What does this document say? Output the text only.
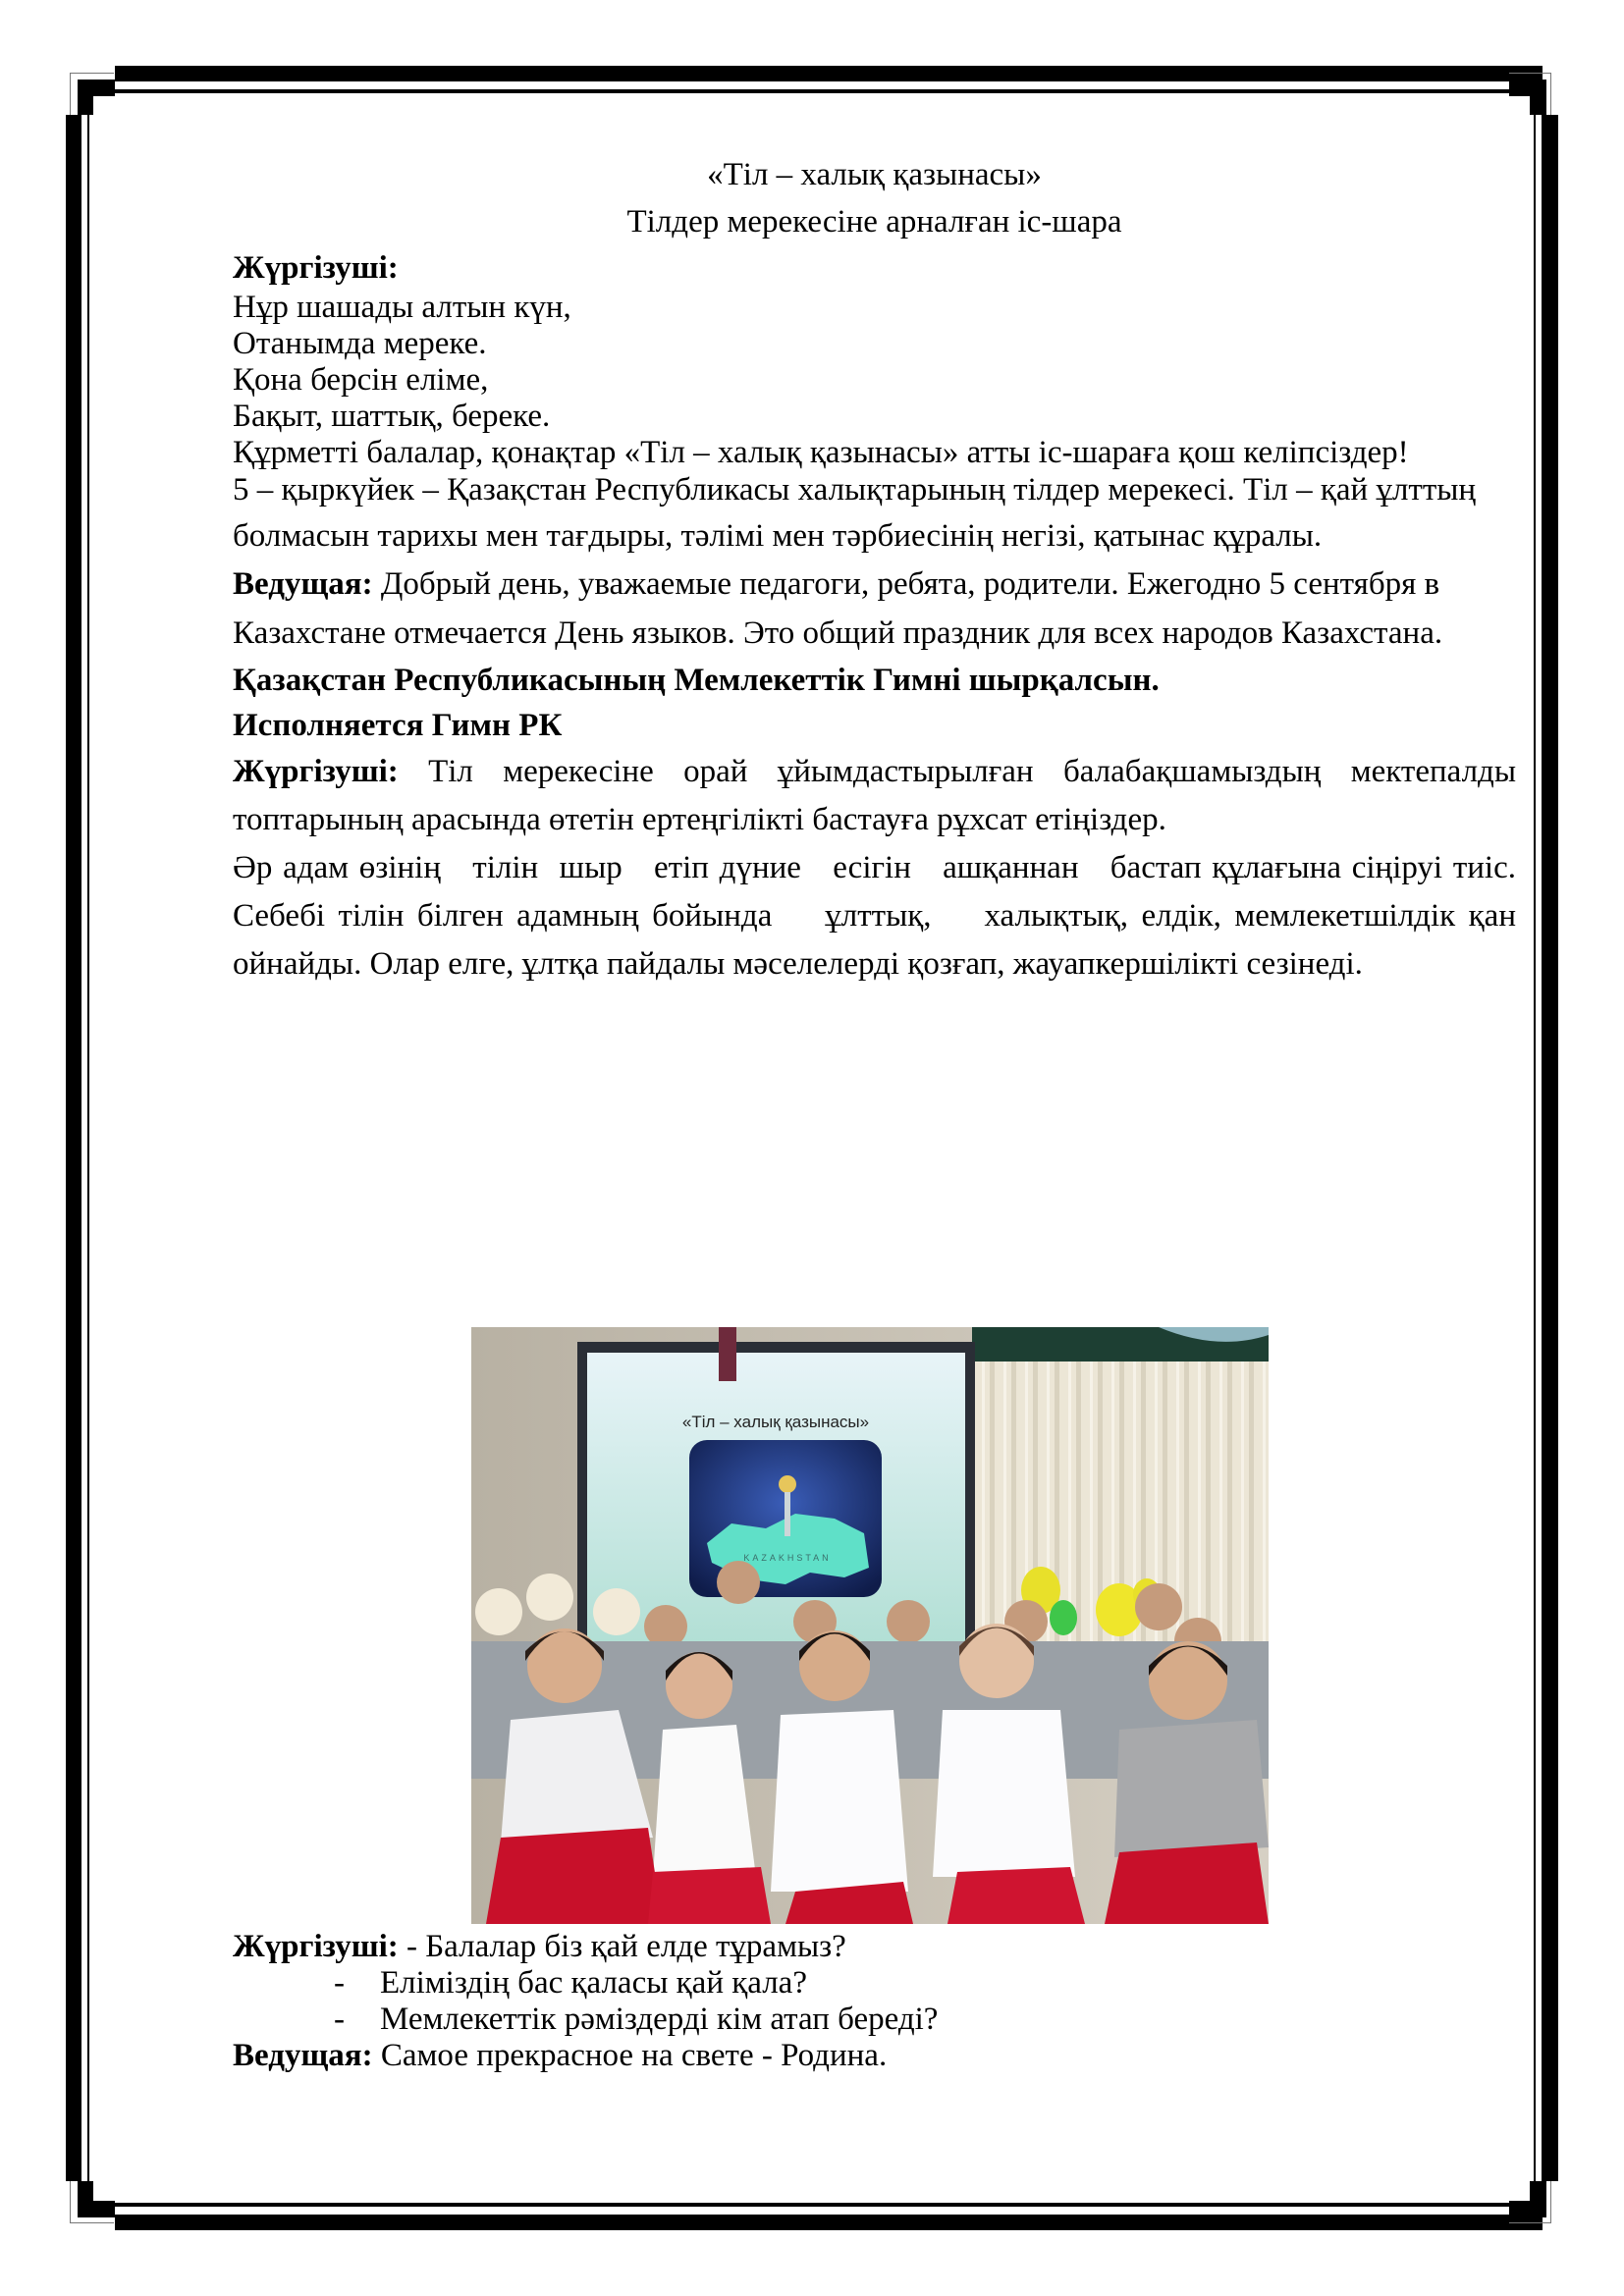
«Тіл – халық қазынасы»
Тілдер мерекесіне арналған іс-шара
Жүргізуші:
Нұр шашады алтын күн,
Отанымда мереке.
Қона берсін еліме,
Бақыт, шаттық, береке.
Құрметті балалар, қонақтар «Тіл – халық қазынасы» атты іс-шараға қош келіпсіздер!
5 – қыркүйек – Қазақстан Республикасы халықтарының тілдер мерекесі. Тіл – қай ұлттың болмасын тарихы мен тағдыры, тәлімі мен тәрбиесінің негізі, қатынас құралы.
Ведущая: Добрый день, уважаемые педагоги, ребята, родители. Ежегодно 5 сентября в Казахстане отмечается День языков. Это общий праздник для всех народов Казахстана.
Қазақстан Республикасының Мемлекеттік Гимні шырқалсын.
Исполняется Гимн РК
Жүргізуші: Тіл мерекесіне орай ұйымдастырылған балабақшамыздың мектепалды топтарының арасында өтетін ертеңгілікті бастауға рұхсат етіңіздер.
Әр адам өзінің   тілін  шыр   етіп дүние   есігін   ашқаннан   бастап құлағына сіңіруі тиіс. Себебі тілін білген адамның бойында    ұлттық,    халықтық, елдік, мемлекетшілдік қан ойнайды. Олар елге, ұлтқа пайдалы мәселелерді қозғап, жауапкершілікті сезінеді.
«Тіл – халық қазынасы»
KAZAKHSTAN
Жүргізуші: - Балалар біз қай елде тұрамыз?
- Еліміздің бас қаласы қай қала?
- Мемлекеттік рәміздерді кім атап береді?
Ведущая: Самое прекрасное на свете - Родина.
